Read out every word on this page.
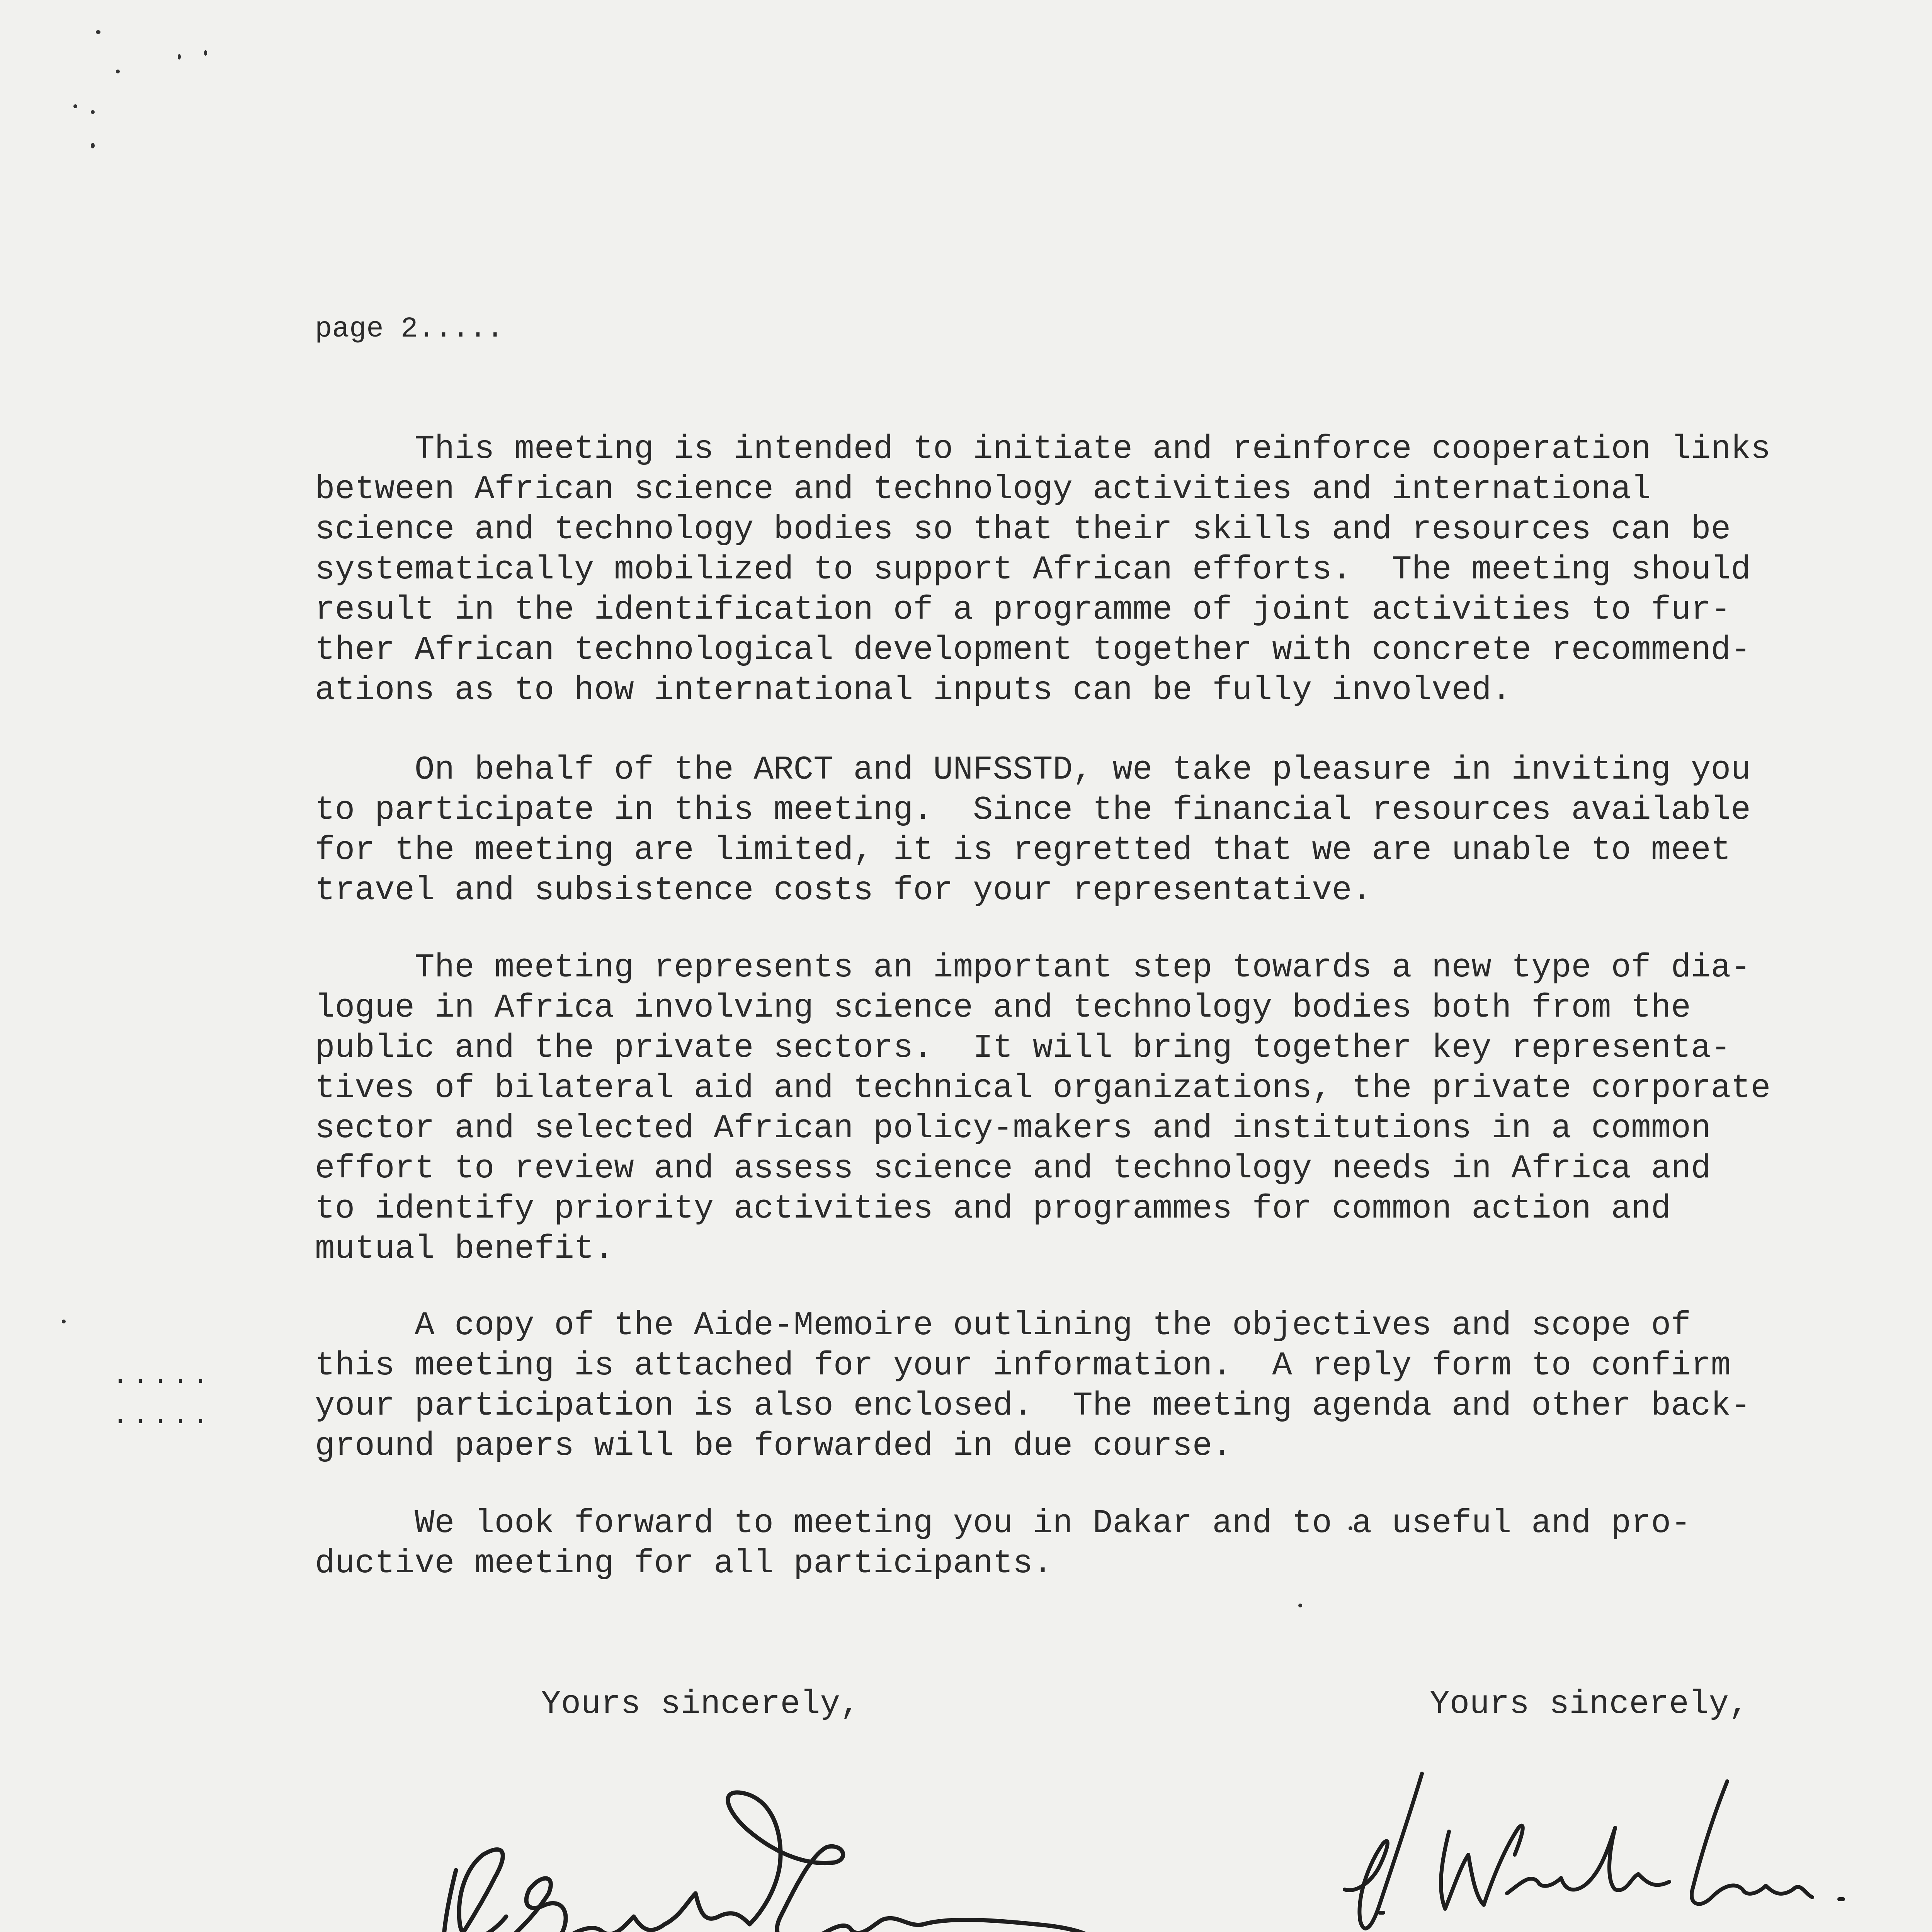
page 2.....
This meeting is intended to initiate and reinforce cooperation links
between African science and technology activities and international
science and technology bodies so that their skills and resources can be
systematically mobilized to support African efforts.  The meeting should
result in the identification of a programme of joint activities to fur-
ther African technological development together with concrete recommend-
ations as to how international inputs can be fully involved.
On behalf of the ARCT and UNFSSTD, we take pleasure in inviting you
to participate in this meeting.  Since the financial resources available
for the meeting are limited, it is regretted that we are unable to meet
travel and subsistence costs for your representative.
The meeting represents an important step towards a new type of dia-
logue in Africa involving science and technology bodies both from the
public and the private sectors.  It will bring together key representa-
tives of bilateral aid and technical organizations, the private corporate
sector and selected African policy-makers and institutions in a common
effort to review and assess science and technology needs in Africa and
to identify priority activities and programmes for common action and
mutual benefit.
.....
.....
A copy of the Aide-Memoire outlining the objectives and scope of
this meeting is attached for your information.  A reply form to confirm
your participation is also enclosed.  The meeting agenda and other back-
ground papers will be forwarded in due course.
We look forward to meeting you in Dakar and to a useful and pro-
ductive meeting for all participants.
Yours sincerely,	Yours sincerely,
